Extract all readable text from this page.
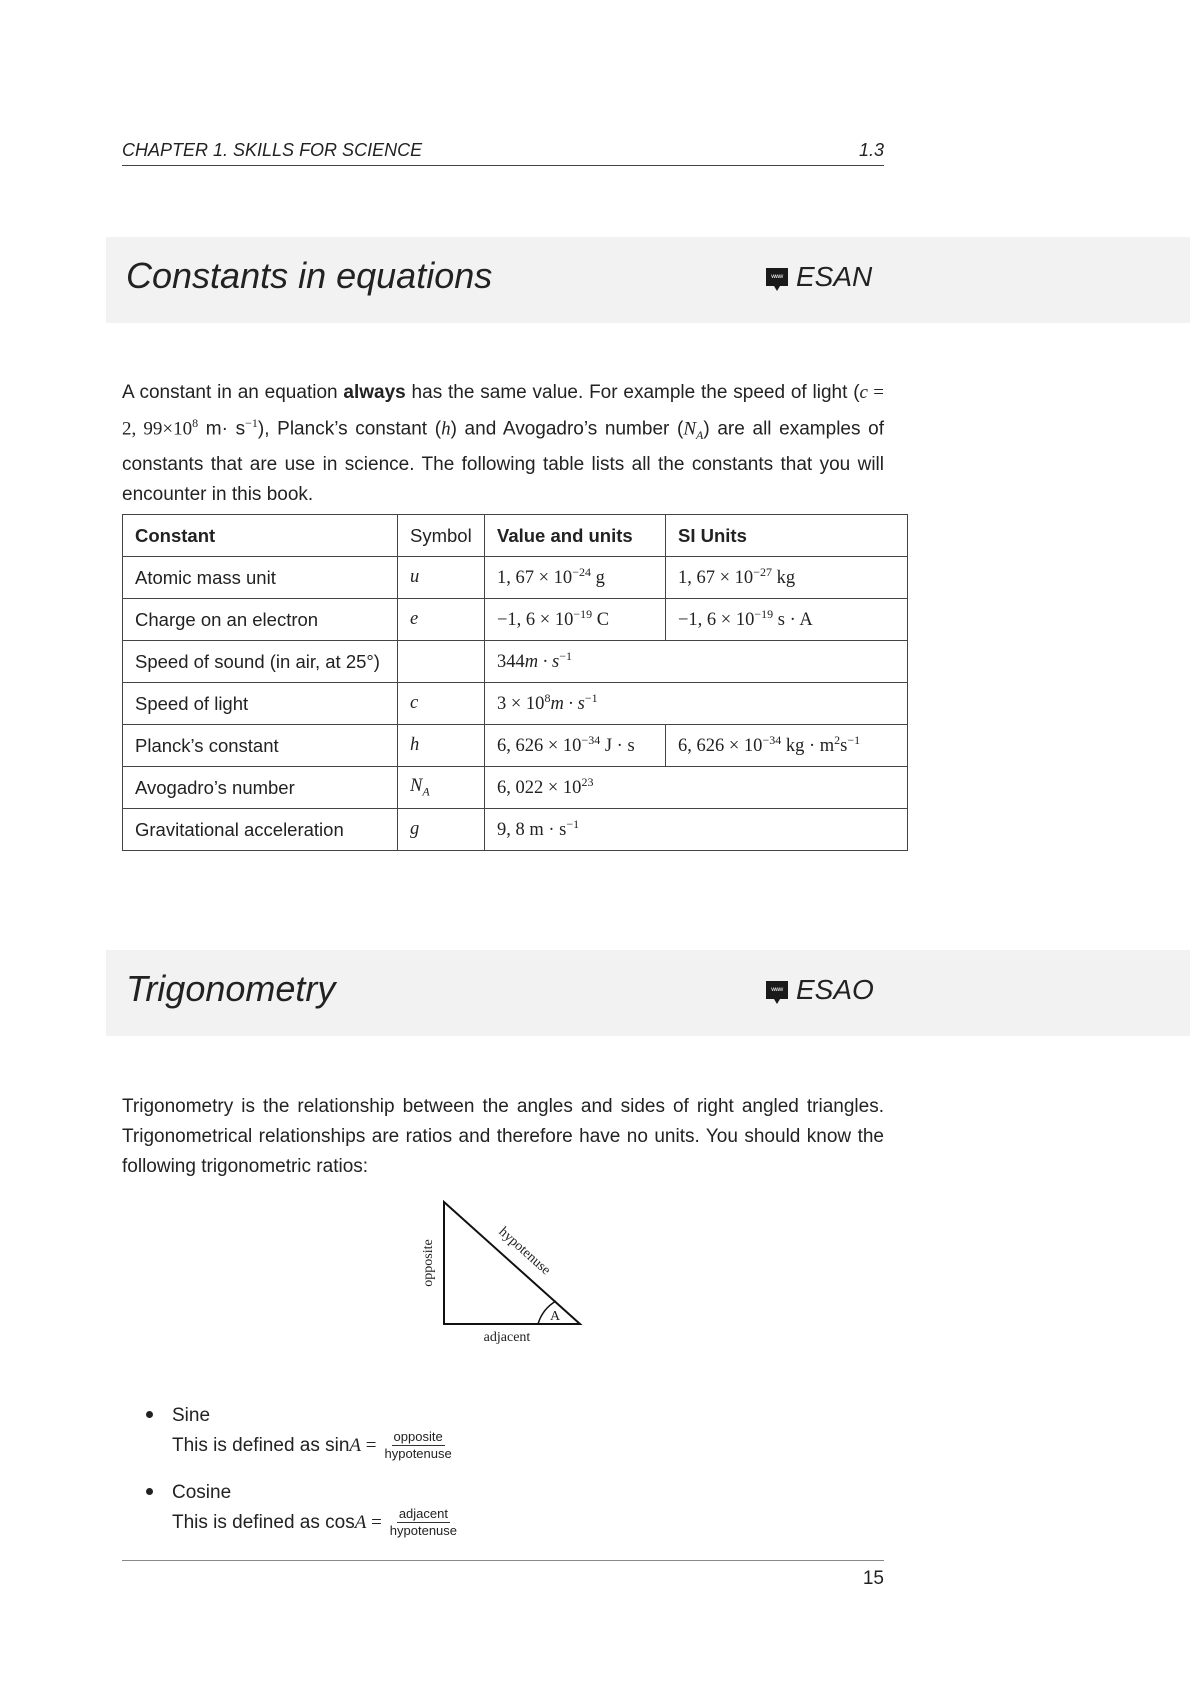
CHAPTER 1. SKILLS FOR SCIENCE	1.3
Constants in equations	www ESAN
A constant in an equation always has the same value. For example the speed of light (c = 2, $99\times 10^8$ $m\cdot s^{-1}$), Planck’s constant (h) and Avogadro’s number $(N_A)$ are all examples of constants that are use in science. The following table lists all the constants that you will encounter in this book.
Constant	Symbol	Value and units	SI Units
Atomic mass unit	u	1, $67 \times 10^{-24}$ g	1, $67 \times 10^{-27}$ kg
Charge on an electron	e	−1, $6 \times 10^{-19}$ C	−1, $6 \times 10^{-19}$ s · A
Speed of sound (in air, at 25°)		$344m \cdot s^{-1}$
Speed of light	c	$3 \times 10^8m \cdot s^{-1}$
Planck’s constant	h	6, $626 \times 10^{-34}$ J · s	6, $626 \times 10^{-34}$ kg · $m^2s^{-1}$
Avogadro’s number	$N_A$	6, $022 \times 10^{23}$
Gravitational acceleration	g	9, 8 $m \cdot s^{-1}$
Trigonometry	www ESAO
Trigonometry is the relationship between the angles and sides of right angled triangles. Trigonometrical relationships are ratios and therefore have no units. You should know the following trigonometric ratios:
opposite	hypotenuse
adjacent
A
Sine
This is defined as $\sin A = \frac{\text{opposite}}{\text{hypotenuse}}$
Cosine
This is defined as $\cos A = \frac{\text{adjacent}}{\text{hypotenuse}}$
15
